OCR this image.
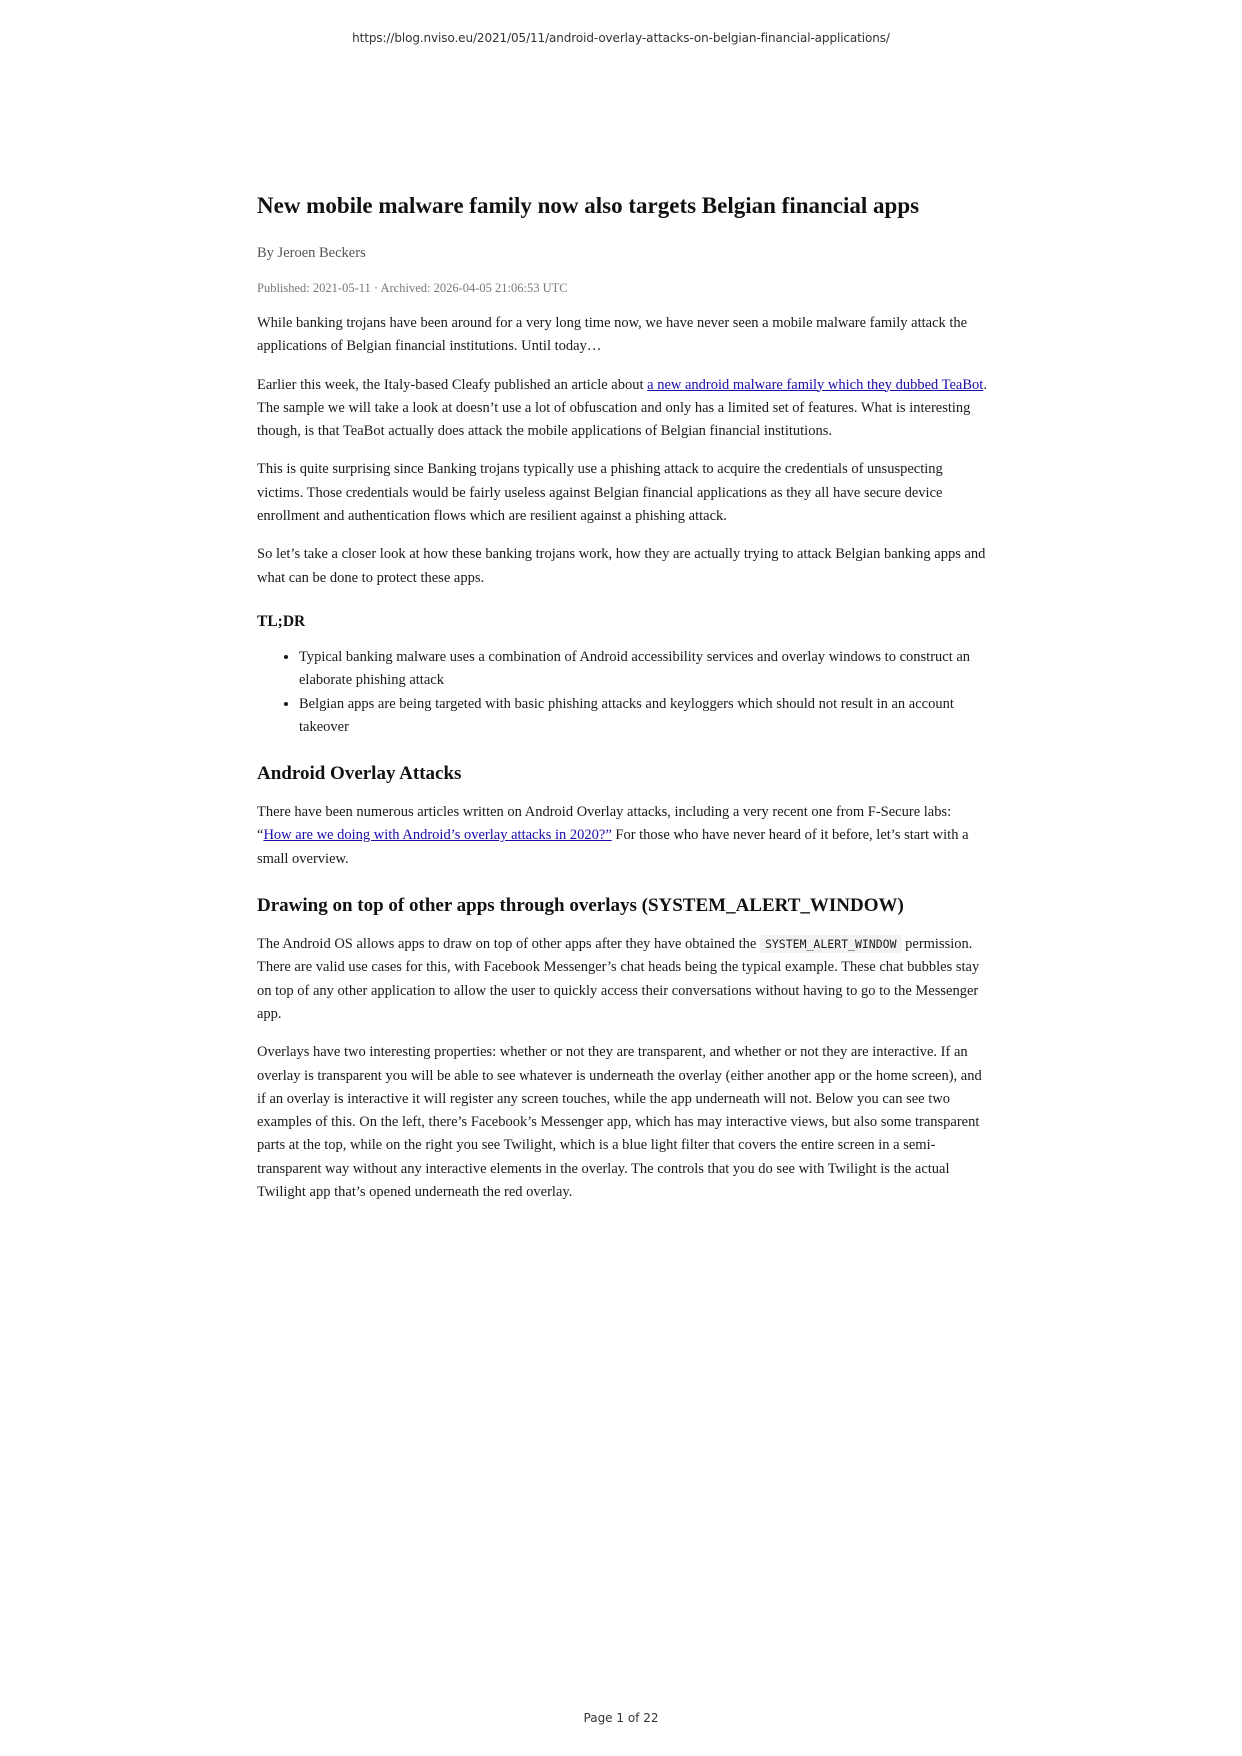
https://blog.nviso.eu/2021/05/11/android-overlay-attacks-on-belgian-financial-applications/
New mobile malware family now also targets Belgian financial apps
By Jeroen Beckers
Published: 2021-05-11 · Archived: 2026-04-05 21:06:53 UTC

While banking trojans have been around for a very long time now, we have never seen a mobile malware family attack the applications of Belgian financial institutions. Until today…

Earlier this week, the Italy-based Cleafy published an article about a new android malware family which they dubbed TeaBot. The sample we will take a look at doesn’t use a lot of obfuscation and only has a limited set of features. What is interesting though, is that TeaBot actually does attack the mobile applications of Belgian financial institutions.

This is quite surprising since Banking trojans typically use a phishing attack to acquire the credentials of unsuspecting victims. Those credentials would be fairly useless against Belgian financial applications as they all have secure device enrollment and authentication flows which are resilient against a phishing attack.

So let’s take a closer look at how these banking trojans work, how they are actually trying to attack Belgian banking apps and what can be done to protect these apps.

TL;DR
• Typical banking malware uses a combination of Android accessibility services and overlay windows to construct an elaborate phishing attack
• Belgian apps are being targeted with basic phishing attacks and keyloggers which should not result in an account takeover
Android Overlay Attacks

There have been numerous articles written on Android Overlay attacks, including a very recent one from F-Secure labs: “How are we doing with Android’s overlay attacks in 2020?” For those who have never heard of it before, let’s start with a small overview.

Drawing on top of other apps through overlays (SYSTEM_ALERT_WINDOW)

The Android OS allows apps to draw on top of other apps after they have obtained the SYSTEM_ALERT_WINDOW permission. There are valid use cases for this, with Facebook Messenger’s chat heads being the typical example. These chat bubbles stay on top of any other application to allow the user to quickly access their conversations without having to go to the Messenger app.

Overlays have two interesting properties: whether or not they are transparent, and whether or not they are interactive. If an overlay is transparent you will be able to see whatever is underneath the overlay (either another app or the home screen), and if an overlay is interactive it will register any screen touches, while the app underneath will not. Below you can see two examples of this. On the left, there’s Facebook’s Messenger app, which has may interactive views, but also some transparent parts at the top, while on the right you see Twilight, which is a blue light filter that covers the entire screen in a semi-transparent way without any interactive elements in the overlay. The controls that you do see with Twilight is the actual Twilight app that’s opened underneath the red overlay.

Page 1 of 22
